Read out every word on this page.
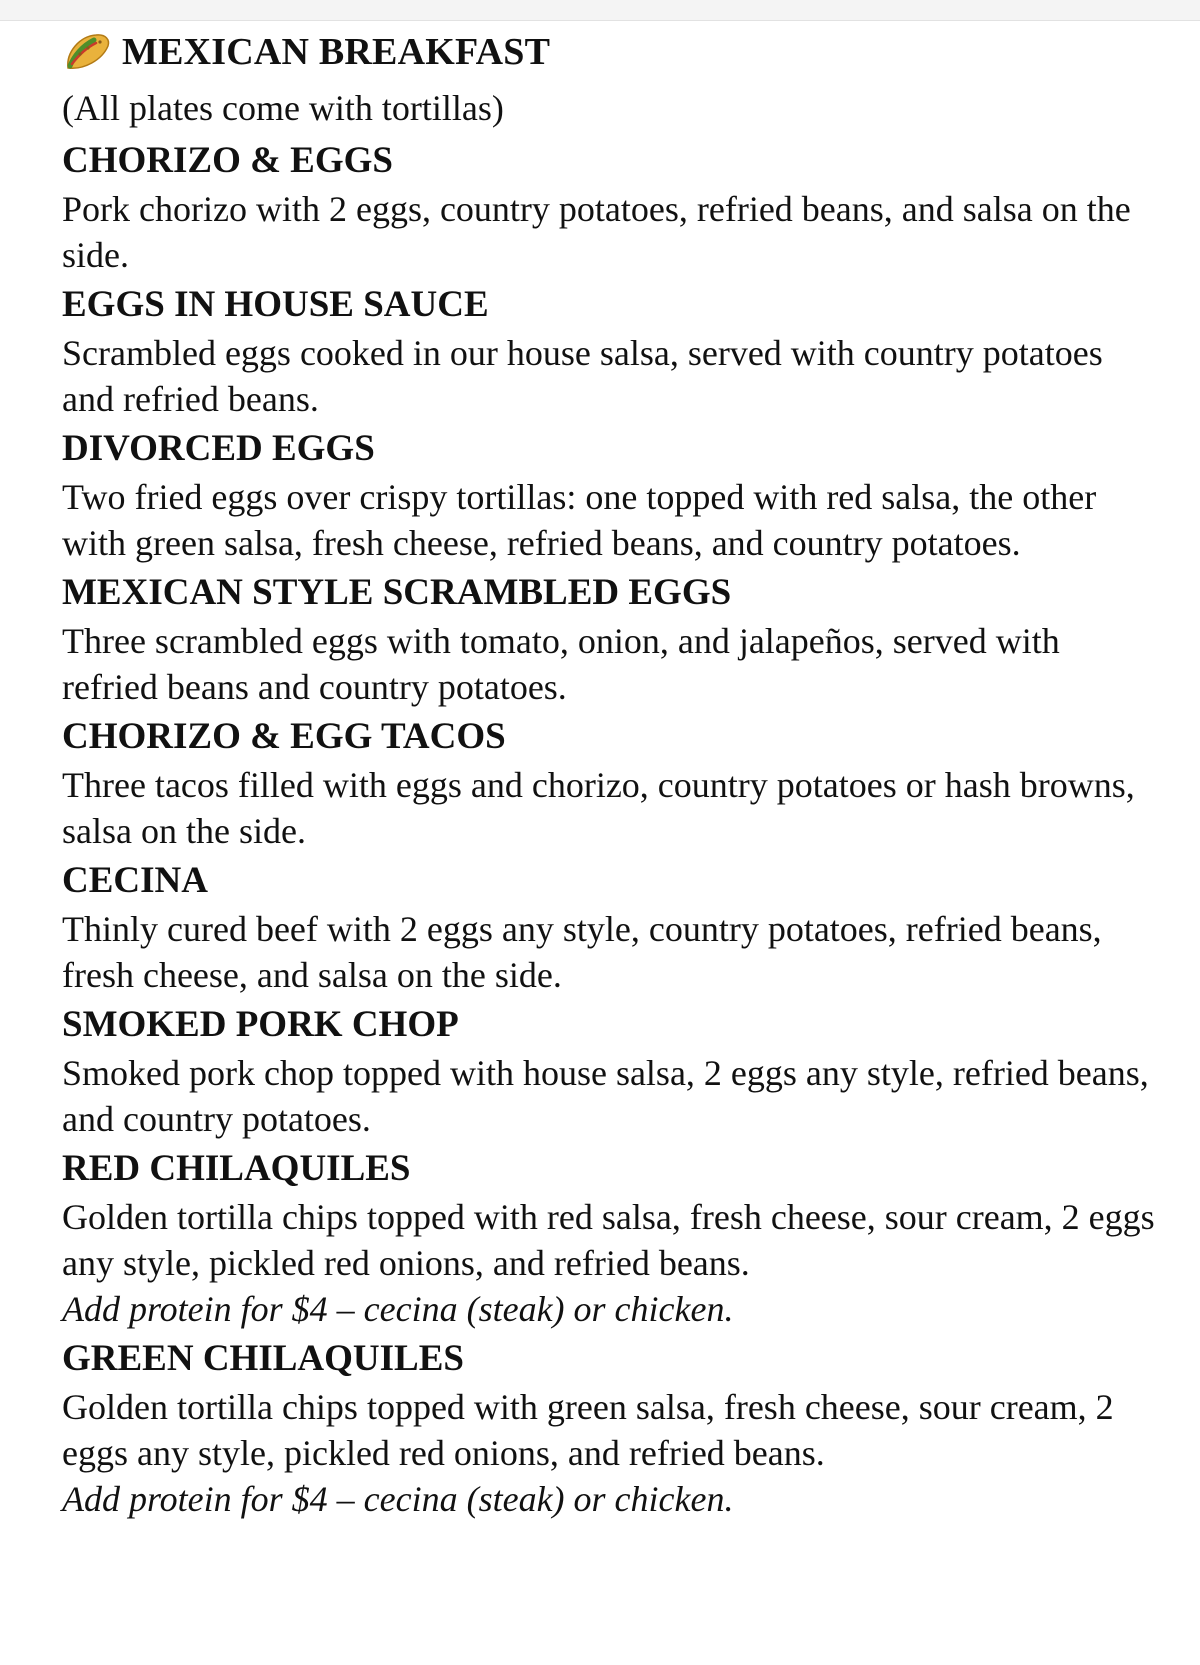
MEXICAN BREAKFAST
(All plates come with tortillas)
CHORIZO & EGGS
Pork chorizo with 2 eggs, country potatoes, refried beans, and salsa on the side.
EGGS IN HOUSE SAUCE
Scrambled eggs cooked in our house salsa, served with country potatoes and refried beans.
DIVORCED EGGS
Two fried eggs over crispy tortillas: one topped with red salsa, the other with green salsa, fresh cheese, refried beans, and country potatoes.
MEXICAN STYLE SCRAMBLED EGGS
Three scrambled eggs with tomato, onion, and jalapeños, served with refried beans and country potatoes.
CHORIZO & EGG TACOS
Three tacos filled with eggs and chorizo, country potatoes or hash browns, salsa on the side.
CECINA
Thinly cured beef with 2 eggs any style, country potatoes, refried beans, fresh cheese, and salsa on the side.
SMOKED PORK CHOP
Smoked pork chop topped with house salsa, 2 eggs any style, refried beans, and country potatoes.
RED CHILAQUILES
Golden tortilla chips topped with red salsa, fresh cheese, sour cream, 2 eggs any style, pickled red onions, and refried beans.
Add protein for $4 – cecina (steak) or chicken.
GREEN CHILAQUILES
Golden tortilla chips topped with green salsa, fresh cheese, sour cream, 2 eggs any style, pickled red onions, and refried beans.
Add protein for $4 – cecina (steak) or chicken.
